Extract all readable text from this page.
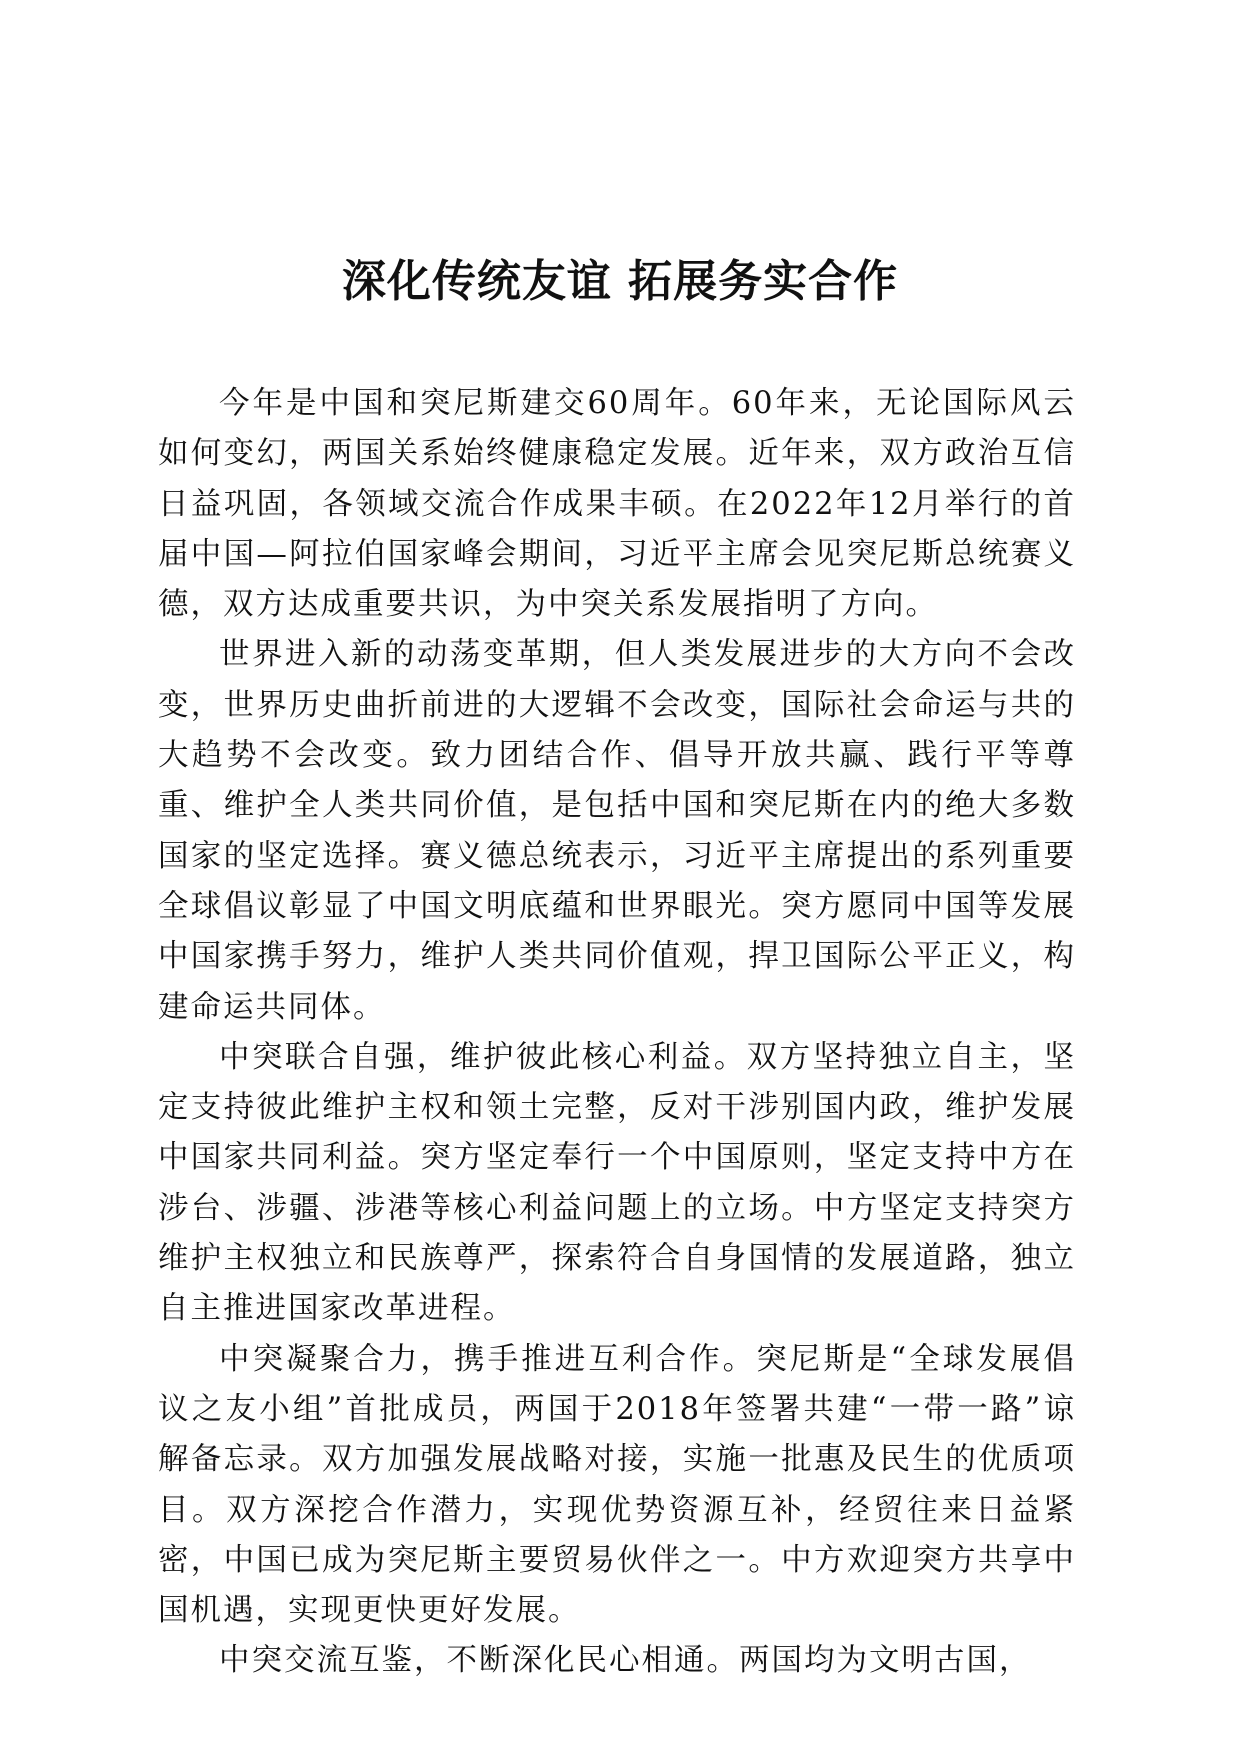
深化传统友谊 拓展务实合作

今年是中国和突尼斯建交60周年。60年来，无论国际风云如何变幻，两国关系始终健康稳定发展。近年来，双方政治互信日益巩固，各领域交流合作成果丰硕。在2022年12月举行的首届中国—阿拉伯国家峰会期间，习近平主席会见突尼斯总统赛义德，双方达成重要共识，为中突关系发展指明了方向。

世界进入新的动荡变革期，但人类发展进步的大方向不会改变，世界历史曲折前进的大逻辑不会改变，国际社会命运与共的大趋势不会改变。致力团结合作、倡导开放共赢、践行平等尊重、维护全人类共同价值，是包括中国和突尼斯在内的绝大多数国家的坚定选择。赛义德总统表示，习近平主席提出的系列重要全球倡议彰显了中国文明底蕴和世界眼光。突方愿同中国等发展中国家携手努力，维护人类共同价值观，捍卫国际公平正义，构建命运共同体。

中突联合自强，维护彼此核心利益。双方坚持独立自主，坚定支持彼此维护主权和领土完整，反对干涉别国内政，维护发展中国家共同利益。突方坚定奉行一个中国原则，坚定支持中方在涉台、涉疆、涉港等核心利益问题上的立场。中方坚定支持突方维护主权独立和民族尊严，探索符合自身国情的发展道路，独立自主推进国家改革进程。

中突凝聚合力，携手推进互利合作。突尼斯是“全球发展倡议之友小组”首批成员，两国于2018年签署共建“一带一路”谅解备忘录。双方加强发展战略对接，实施一批惠及民生的优质项目。双方深挖合作潜力，实现优势资源互补，经贸往来日益紧密，中国已成为突尼斯主要贸易伙伴之一。中方欢迎突方共享中国机遇，实现更快更好发展。

中突交流互鉴，不断深化民心相通。两国均为文明古国，
